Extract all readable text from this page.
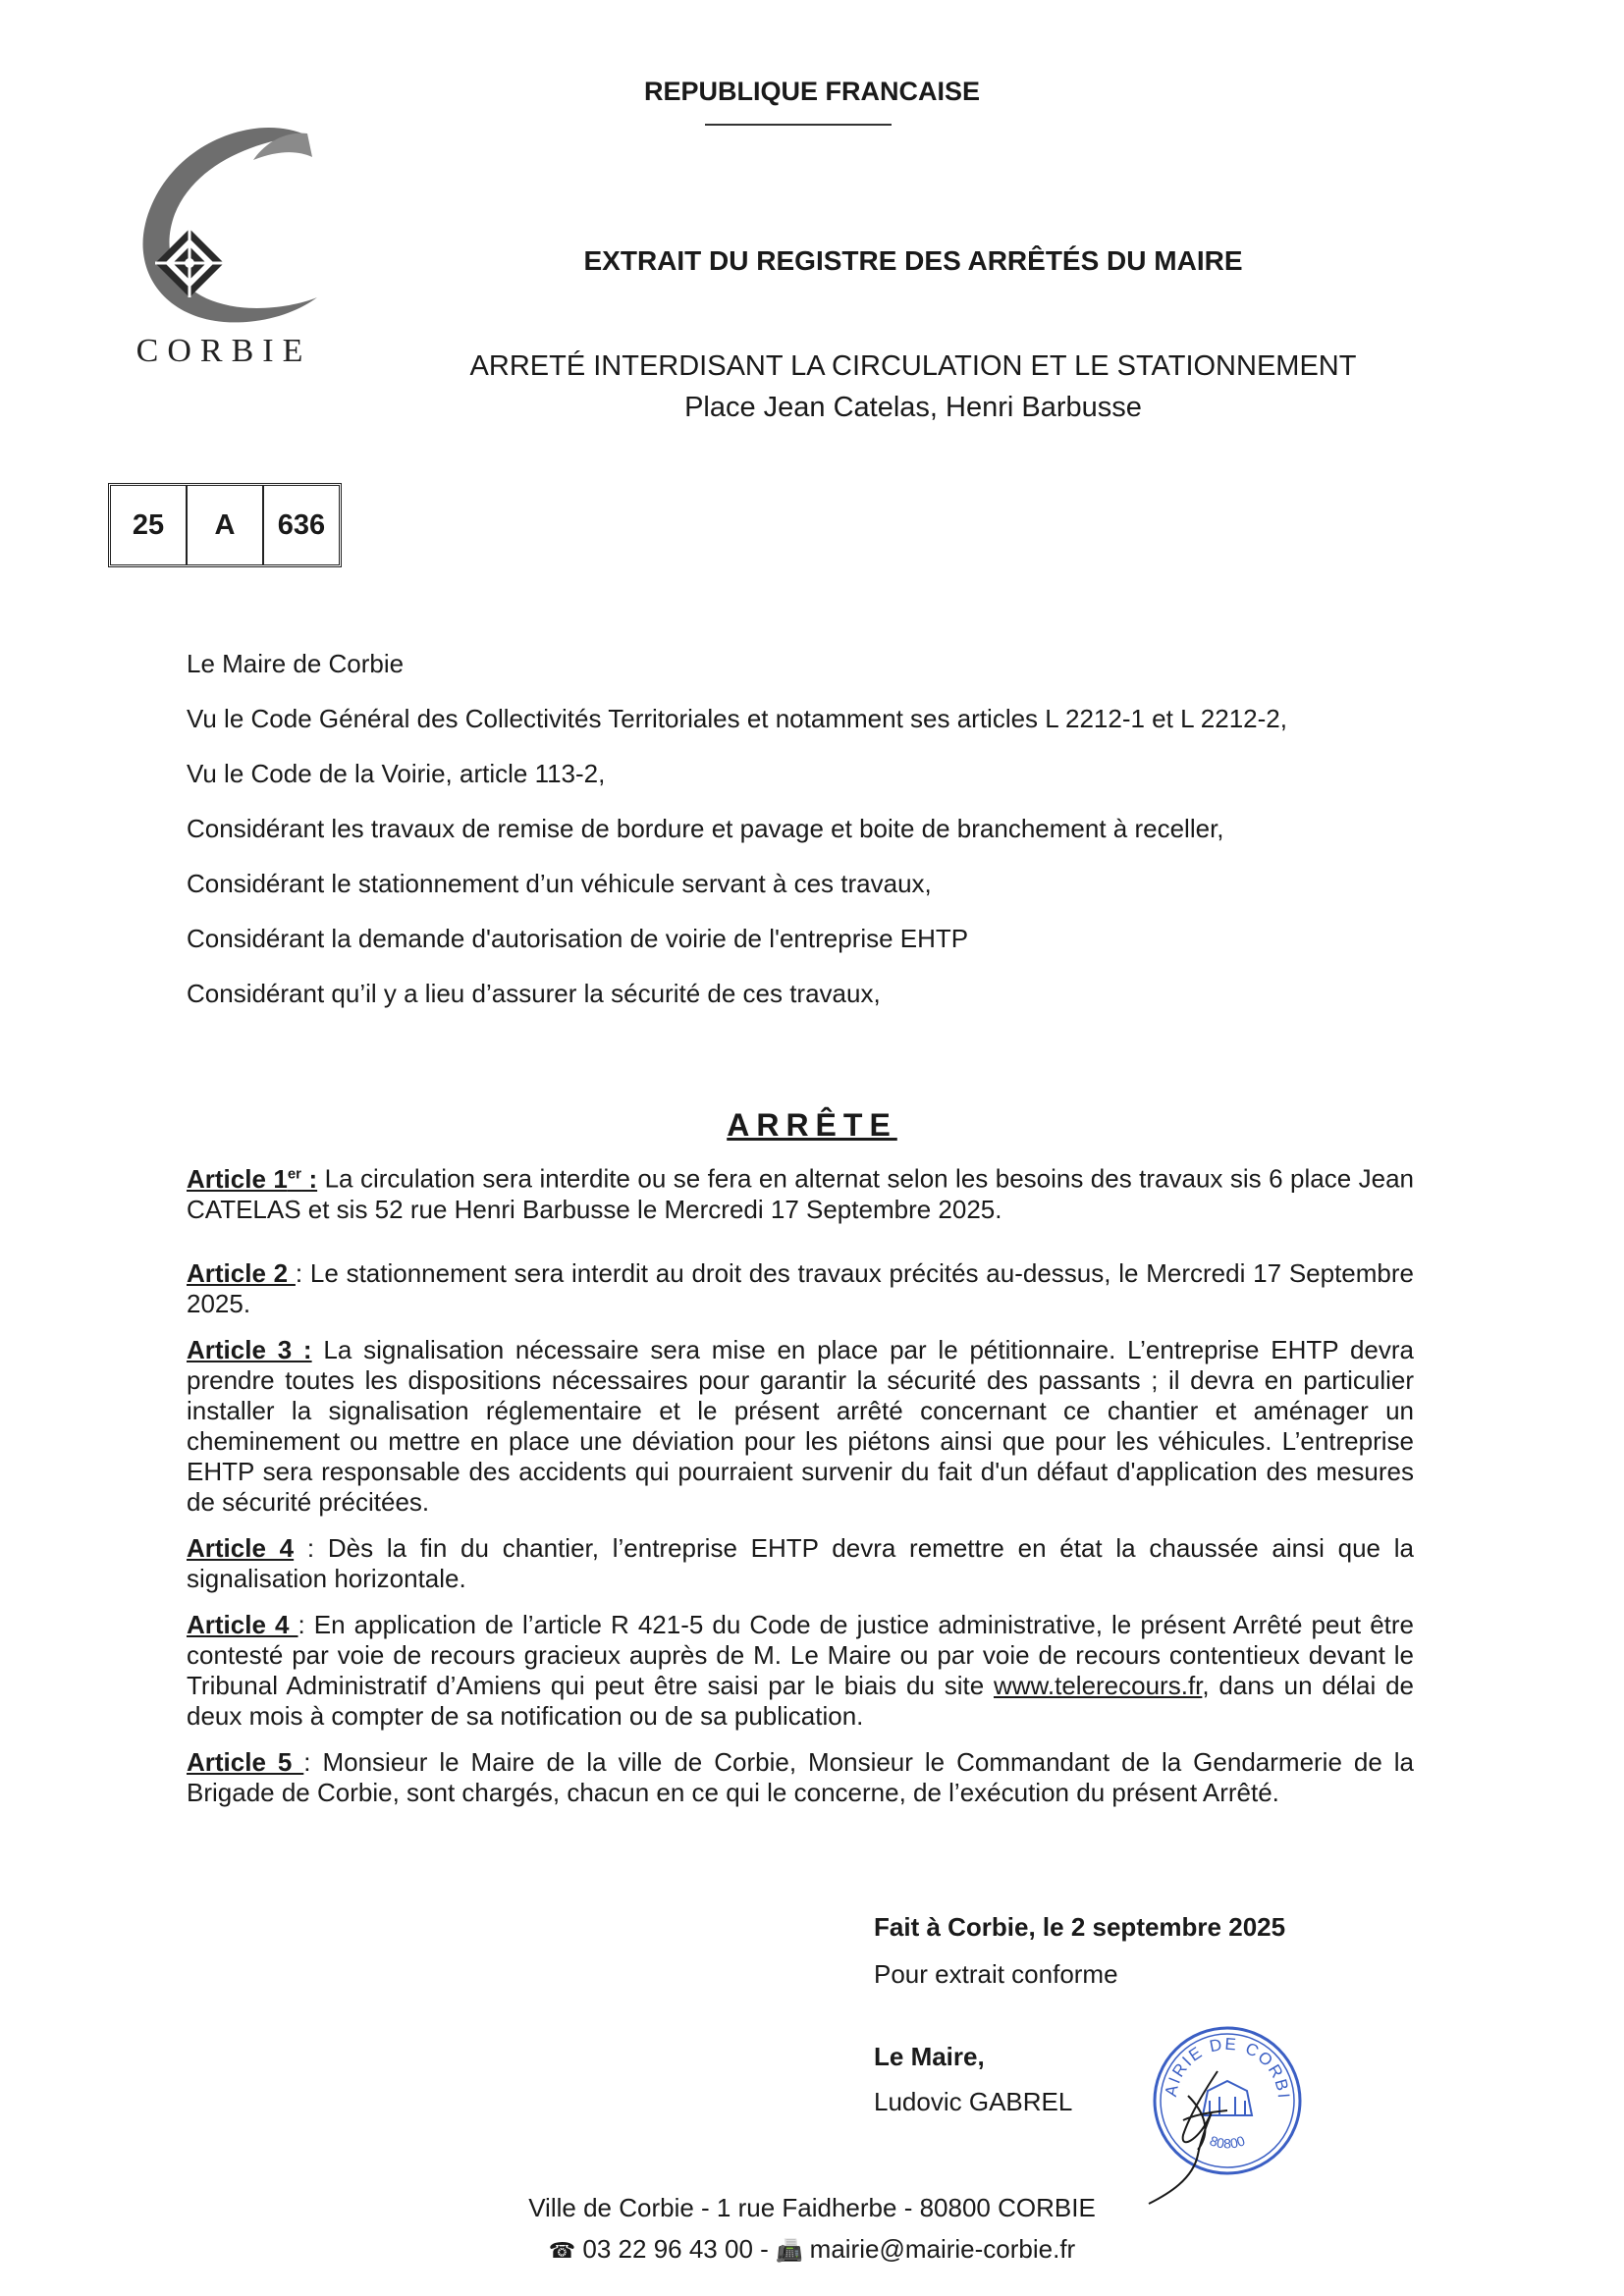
REPUBLIQUE FRANCAISE
CORBIE
EXTRAIT DU REGISTRE DES ARRÊTÉS DU MAIRE
ARRETÉ INTERDISANT LA CIRCULATION ET LE STATIONNEMENT
Place Jean Catelas, Henri Barbusse
25	A	636

Le Maire de Corbie

Vu le Code Général des Collectivités Territoriales et notamment ses articles L 2212-1 et L 2212-2,

Vu le Code de la Voirie, article 113-2,

Considérant les travaux de remise de bordure et pavage et boite de branchement à receller,

Considérant le stationnement d’un véhicule servant à ces travaux,

Considérant la demande d'autorisation de voirie de l'entreprise EHTP

Considérant qu’il y a lieu d’assurer la sécurité de ces travaux,

ARRÊTE

Article 1er : La circulation sera interdite ou se fera en alternat selon les besoins des travaux sis 6 place Jean CATELAS et sis 52 rue Henri Barbusse le Mercredi 17 Septembre 2025.

Article 2 : Le stationnement sera interdit au droit des travaux précités au-dessus, le Mercredi 17 Septembre 2025.

Article 3 : La signalisation nécessaire sera mise en place par le pétitionnaire. L’entreprise EHTP devra prendre toutes les dispositions nécessaires pour garantir la sécurité des passants ; il devra en particulier installer la signalisation réglementaire et le présent arrêté concernant ce chantier et aménager un cheminement ou mettre en place une déviation pour les piétons ainsi que pour les véhicules. L’entreprise EHTP sera responsable des accidents qui pourraient survenir du fait d'un défaut d'application des mesures de sécurité précitées.

Article 4 : Dès la fin du chantier, l’entreprise EHTP devra remettre en état la chaussée ainsi que la signalisation horizontale.

Article 4 : En application de l’article R 421-5 du Code de justice administrative, le présent Arrêté peut être contesté par voie de recours gracieux auprès de M. Le Maire ou par voie de recours contentieux devant le Tribunal Administratif d’Amiens qui peut être saisi par le biais du site www.telerecours.fr, dans un délai de deux mois à compter de sa notification ou de sa publication.

Article 5 : Monsieur le Maire de la ville de Corbie, Monsieur le Commandant de la Gendarmerie de la Brigade de Corbie, sont chargés, chacun en ce qui le concerne, de l’exécution du présent Arrêté.

Fait à Corbie, le 2 septembre 2025

Pour extrait conforme

Le Maire,

Ludovic GABREL	AIRIE DE CORBI
80800
Ville de Corbie - 1 rue Faidherbe - 80800 CORBIE
☎ 03 22 96 43 00 - 📠 mairie@mairie-corbie.fr
